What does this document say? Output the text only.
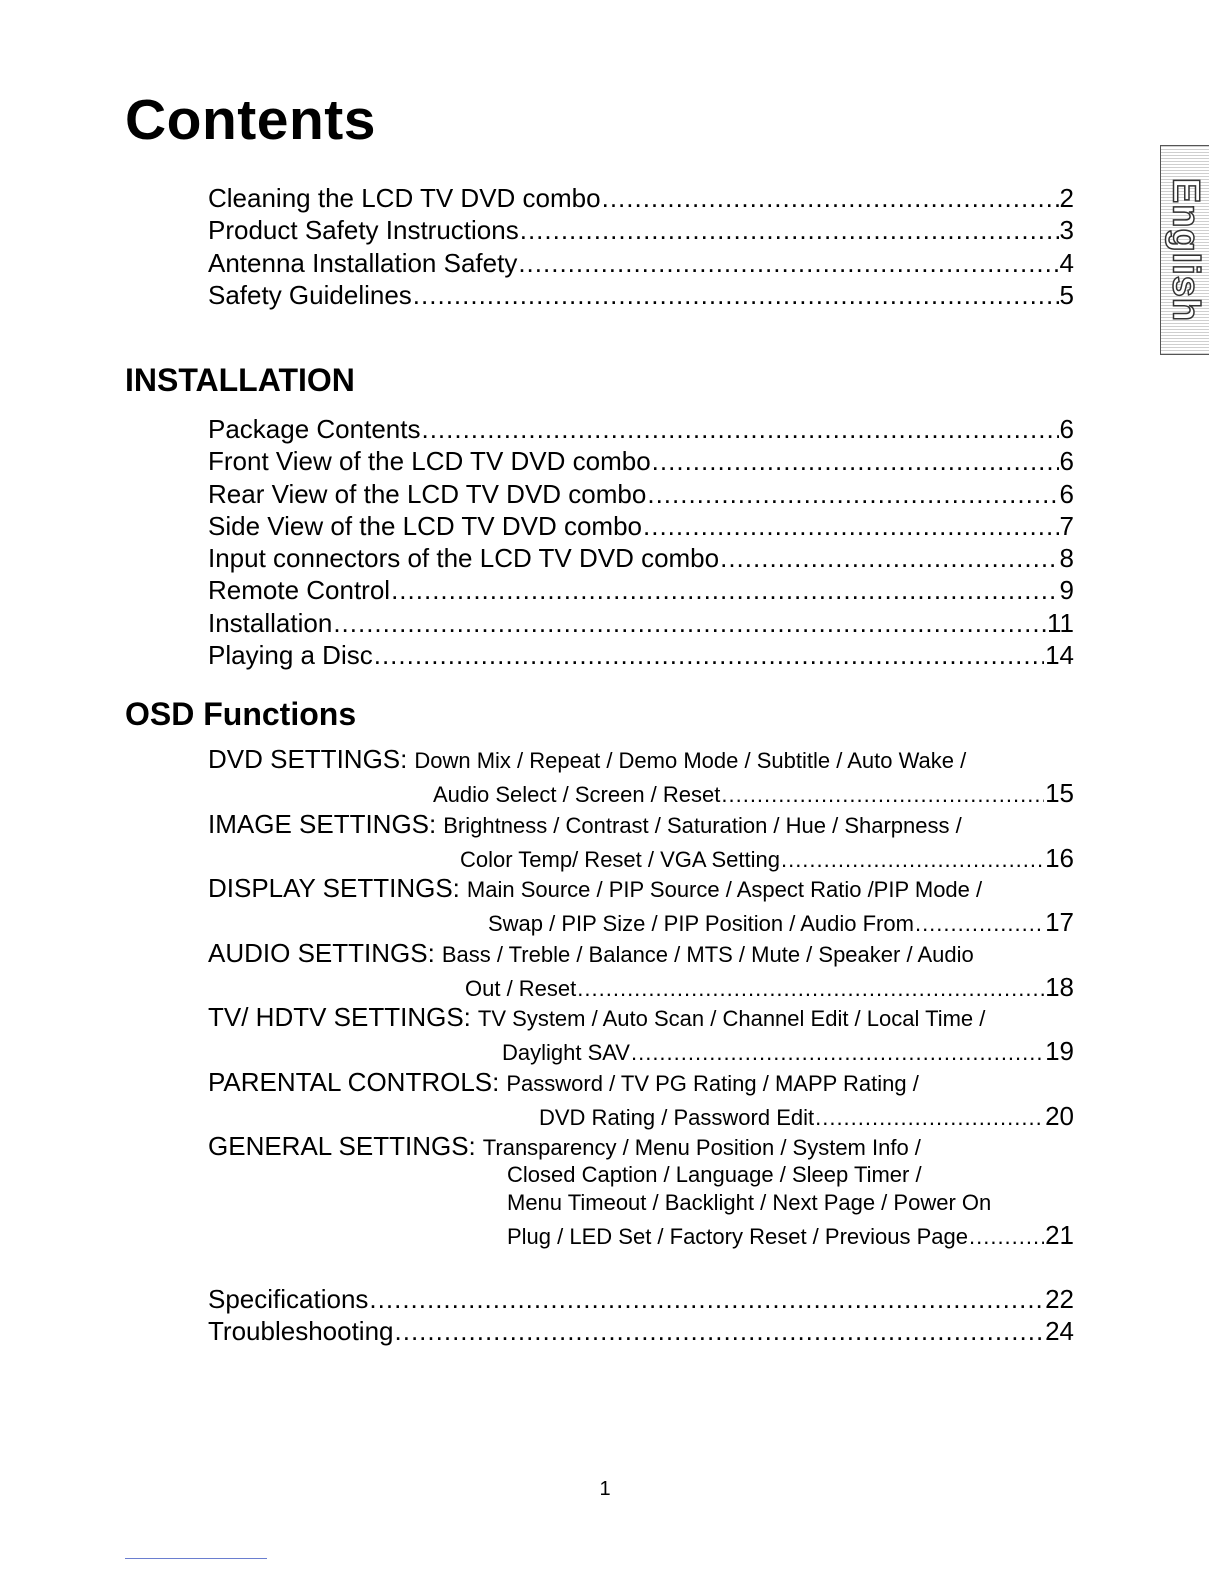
Contents
English
Cleaning the LCD TV DVD combo .....	2
Product Safety Instructions .....	3
Antenna Installation Safety .....	4
Safety Guidelines .....	5
INSTALLATION
Package Contents .....	6
Front View of the LCD TV DVD combo .....	6
Rear View of the LCD TV DVD combo .....	6
Side View of the LCD TV DVD combo .....	7
Input connectors of the LCD TV DVD combo .....	8
Remote Control .....	9
Installation .....	11
Playing a Disc .....	14
OSD Functions
DVD SETTINGS: Down Mix / Repeat / Demo Mode / Subtitle / Auto Wake /
Audio Select / Screen / Reset .....	15
IMAGE SETTINGS: Brightness / Contrast / Saturation / Hue / Sharpness /
Color Temp/ Reset / VGA Setting .....	16
DISPLAY SETTINGS: Main Source / PIP Source / Aspect Ratio /PIP Mode /
Swap / PIP Size / PIP Position / Audio From .....	17
AUDIO SETTINGS: Bass / Treble / Balance / MTS / Mute / Speaker / Audio
Out / Reset .....	18
TV/ HDTV SETTINGS: TV System / Auto Scan / Channel Edit / Local Time /
Daylight SAV .....	19
PARENTAL CONTROLS: Password / TV PG Rating / MAPP Rating /
DVD Rating / Password Edit .....	20
GENERAL SETTINGS: Transparency / Menu Position / System Info /
Closed Caption / Language / Sleep Timer /
Menu Timeout / Backlight / Next Page / Power On
Plug / LED Set / Factory Reset / Previous Page .....	21
Specifications .....	22
Troubleshooting .....	24
1
